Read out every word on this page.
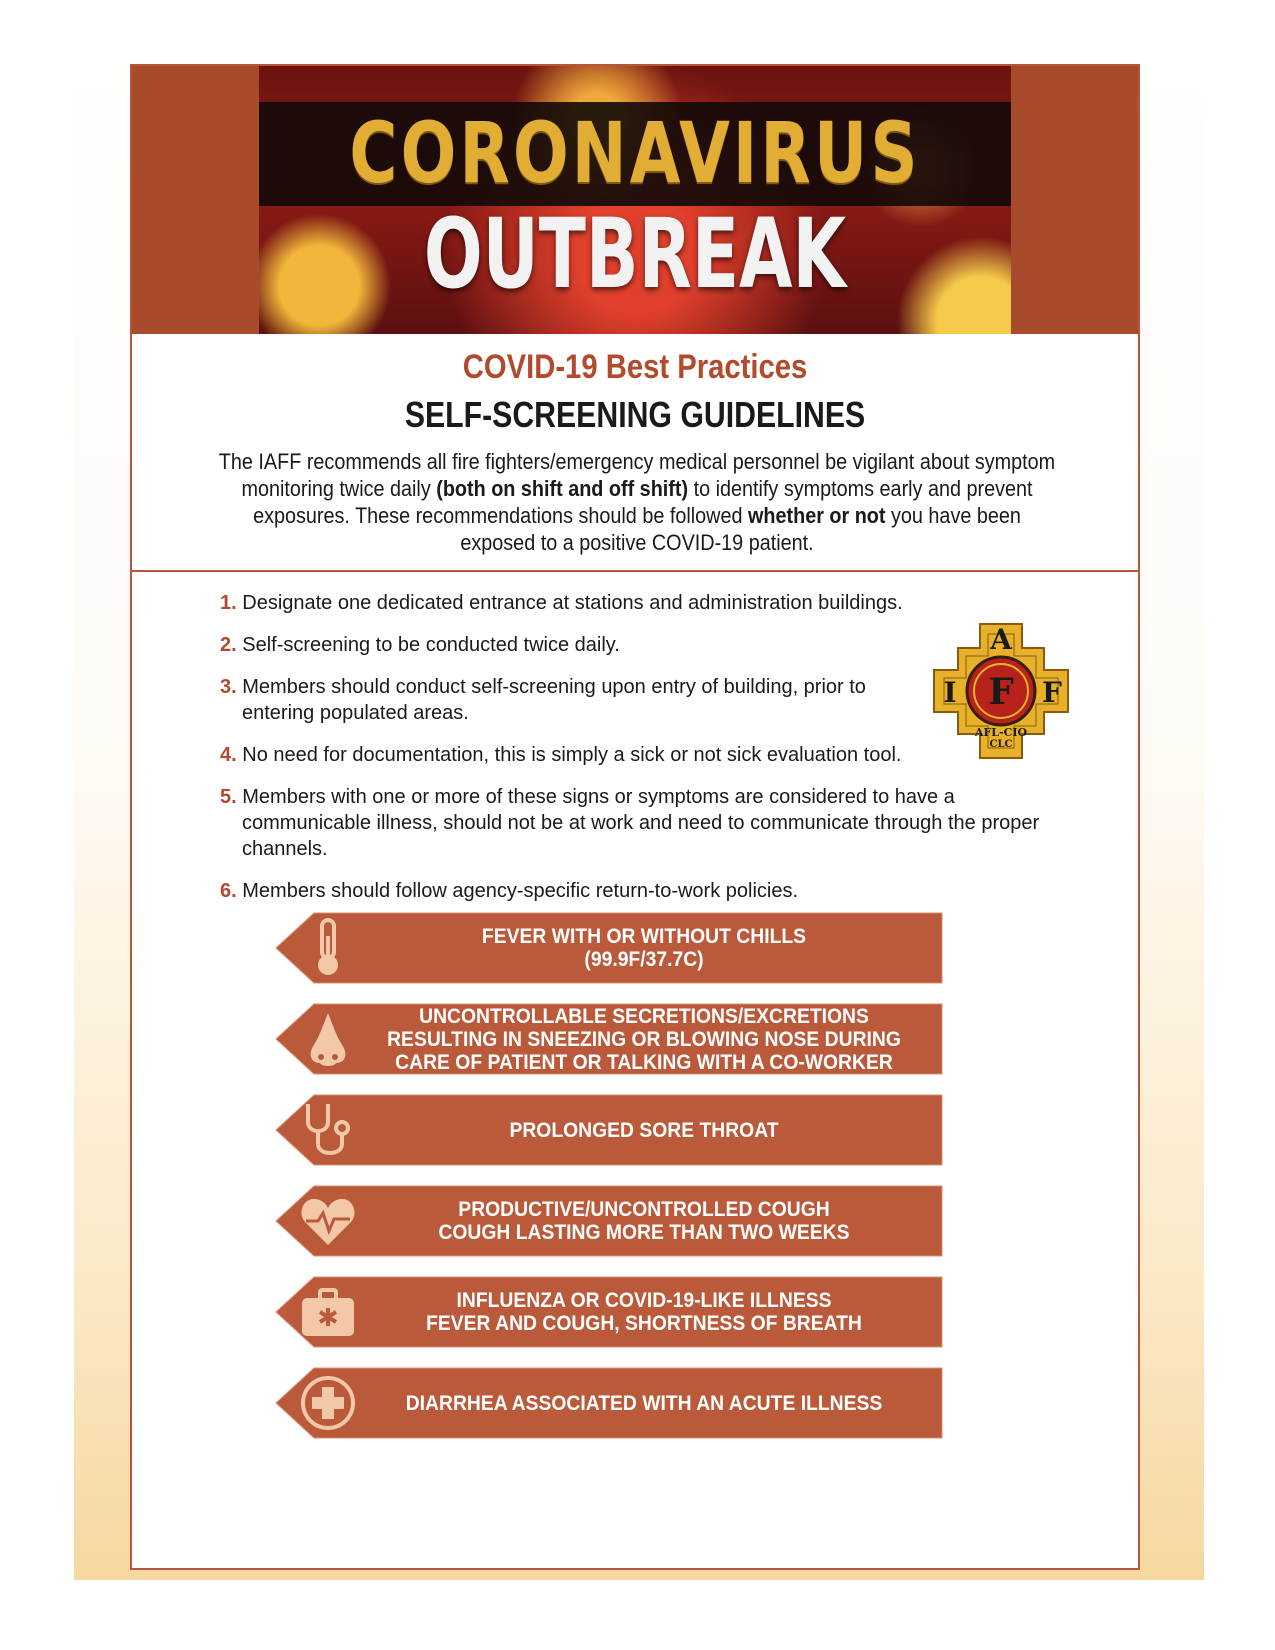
CORONAVIRUS
OUTBREAK
COVID-19 Best Practices
SELF-SCREENING GUIDELINES
The IAFF recommends all fire fighters/emergency medical personnel be vigilant about symptom monitoring twice daily (both on shift and off shift) to identify symptoms early and prevent exposures. These recommendations should be followed whether or not you have been exposed to a positive COVID-19 patient.
1. Designate one dedicated entrance at stations and administration buildings.
2. Self-screening to be conducted twice daily.
3. Members should conduct self-screening upon entry of building, prior to entering populated areas.
4. No need for documentation, this is simply a sick or not sick evaluation tool.
5. Members with one or more of these signs or symptoms are considered to have a communicable illness, should not be at work and need to communicate through the proper channels.
6. Members should follow agency-specific return-to-work policies.
A
I F F
AFL-CIO
CLC
FEVER WITH OR WITHOUT CHILLS
(99.9F/37.7C)
UNCONTROLLABLE SECRETIONS/EXCRETIONS
RESULTING IN SNEEZING OR BLOWING NOSE DURING
CARE OF PATIENT OR TALKING WITH A CO-WORKER
PROLONGED SORE THROAT
PRODUCTIVE/UNCONTROLLED COUGH
COUGH LASTING MORE THAN TWO WEEKS
INFLUENZA OR COVID-19-LIKE ILLNESS
FEVER AND COUGH, SHORTNESS OF BREATH
DIARRHEA ASSOCIATED WITH AN ACUTE ILLNESS
